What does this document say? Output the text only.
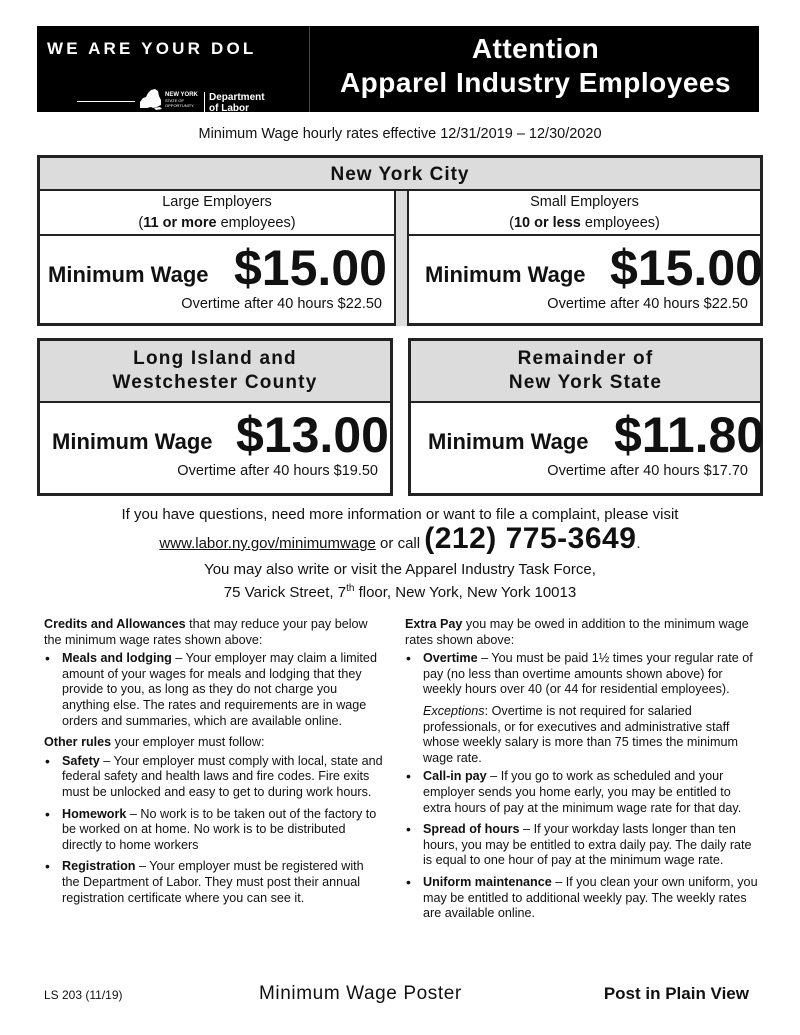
WE ARE YOUR DOL
NEW YORK
STATE OF
OPPORTUNITY.
Department
of Labor
Attention
Apparel Industry Employees
Minimum Wage hourly rates effective 12/31/2019 – 12/30/2020
New York City
Large Employers
(11 or more employees)
Minimum Wage $15.00
Overtime after 40 hours $22.50
Small Employers
(10 or less employees)
Minimum Wage $15.00
Overtime after 40 hours $22.50
Long Island and
Westchester County
Minimum Wage $13.00
Overtime after 40 hours $19.50
Remainder of
New York State
Minimum Wage $11.80
Overtime after 40 hours $17.70
If you have questions, need more information or want to file a complaint, please visit
www.labor.ny.gov/minimumwage or call (212) 775-3649.
You may also write or visit the Apparel Industry Task Force,
75 Varick Street, 7th floor, New York, New York 10013

Credits and Allowances that may reduce your pay below the minimum wage rates shown above:

• Meals and lodging – Your employer may claim a limited amount of your wages for meals and lodging that they provide to you, as long as they do not charge you anything else. The rates and requirements are in wage orders and summaries, which are available online.

Other rules your employer must follow:

• Safety – Your employer must comply with local, state and federal safety and health laws and fire codes. Fire exits must be unlocked and easy to get to during work hours.
• Homework – No work is to be taken out of the factory to be worked on at home. No work is to be distributed directly to home workers
• Registration – Your employer must be registered with the Department of Labor. They must post their annual registration certificate where you can see it.

Extra Pay you may be owed in addition to the minimum wage rates shown above:

• Overtime – You must be paid 1½ times your regular rate of pay (no less than overtime amounts shown above) for weekly hours over 40 (or 44 for residential employees).

Exceptions: Overtime is not required for salaried professionals, or for executives and administrative staff whose weekly salary is more than 75 times the minimum wage rate.

• Call-in pay – If you go to work as scheduled and your employer sends you home early, you may be entitled to extra hours of pay at the minimum wage rate for that day.
• Spread of hours – If your workday lasts longer than ten hours, you may be entitled to extra daily pay. The daily rate is equal to one hour of pay at the minimum wage rate.
• Uniform maintenance – If you clean your own uniform, you may be entitled to additional weekly pay. The weekly rates are available online.
LS 203 (11/19)	Minimum Wage Poster	Post in Plain View
